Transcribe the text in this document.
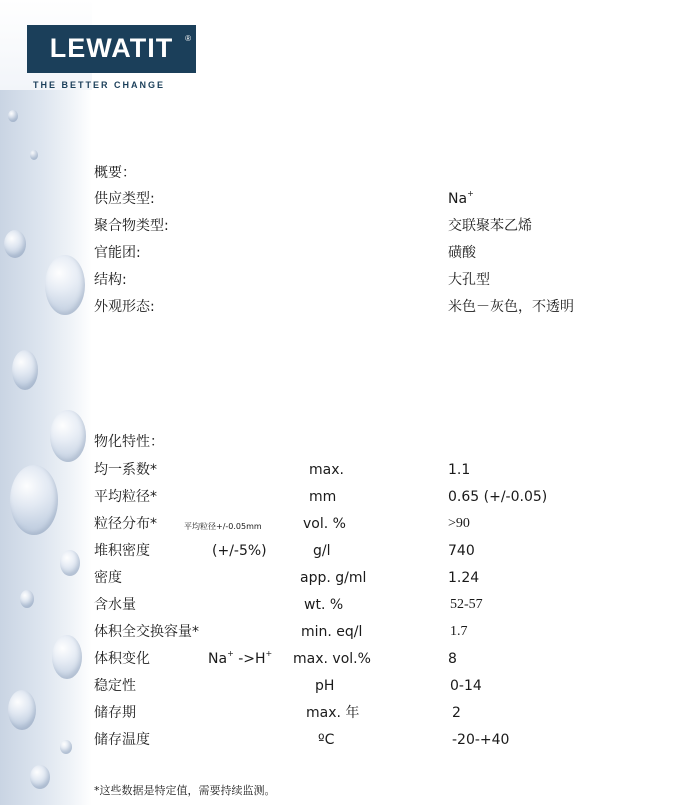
LEWATIT	®
THE BETTER CHANGE
概要：
供应类型:	Na+
聚合物类型:	交联聚苯乙烯
官能团:	磺酸
结构:	大孔型
外观形态:	米色－灰色，不透明
物化特性：
均一系数*	max.	1.1
平均粒径*	mm	0.65 (+/-0.05)
粒径分布*	平均粒径+/-0.05mm	vol. %	>90
堆积密度	(+/-5%)	g/l	740
密度	app. g/ml	1.24
含水量	wt. %	52-57
体积全交换容量*	min. eq/l	1.7
体积变化	Na+ ->H+ max. vol.%	8
稳定性	pH	0-14
储存期	max. 年	2
储存温度	ºC	-20-+40
*这些数据是特定值，需要持续监测。
